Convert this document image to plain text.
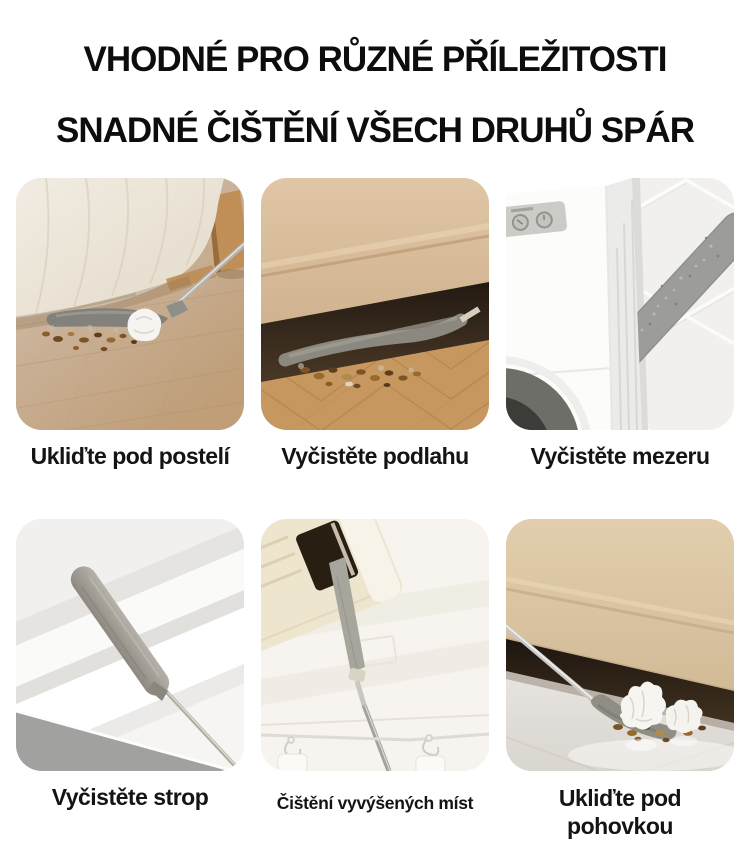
VHODNÉ PRO RŮZNÉ PŘÍLEŽITOSTI
SNADNÉ ČIŠTĚNÍ VŠECH DRUHŮ SPÁR
Ukliďte pod postelí	Vyčistěte podlahu	Vyčistěte mezeru
Vyčistěte strop	Čištění vyvýšených míst	Ukliďte pod pohovkou
